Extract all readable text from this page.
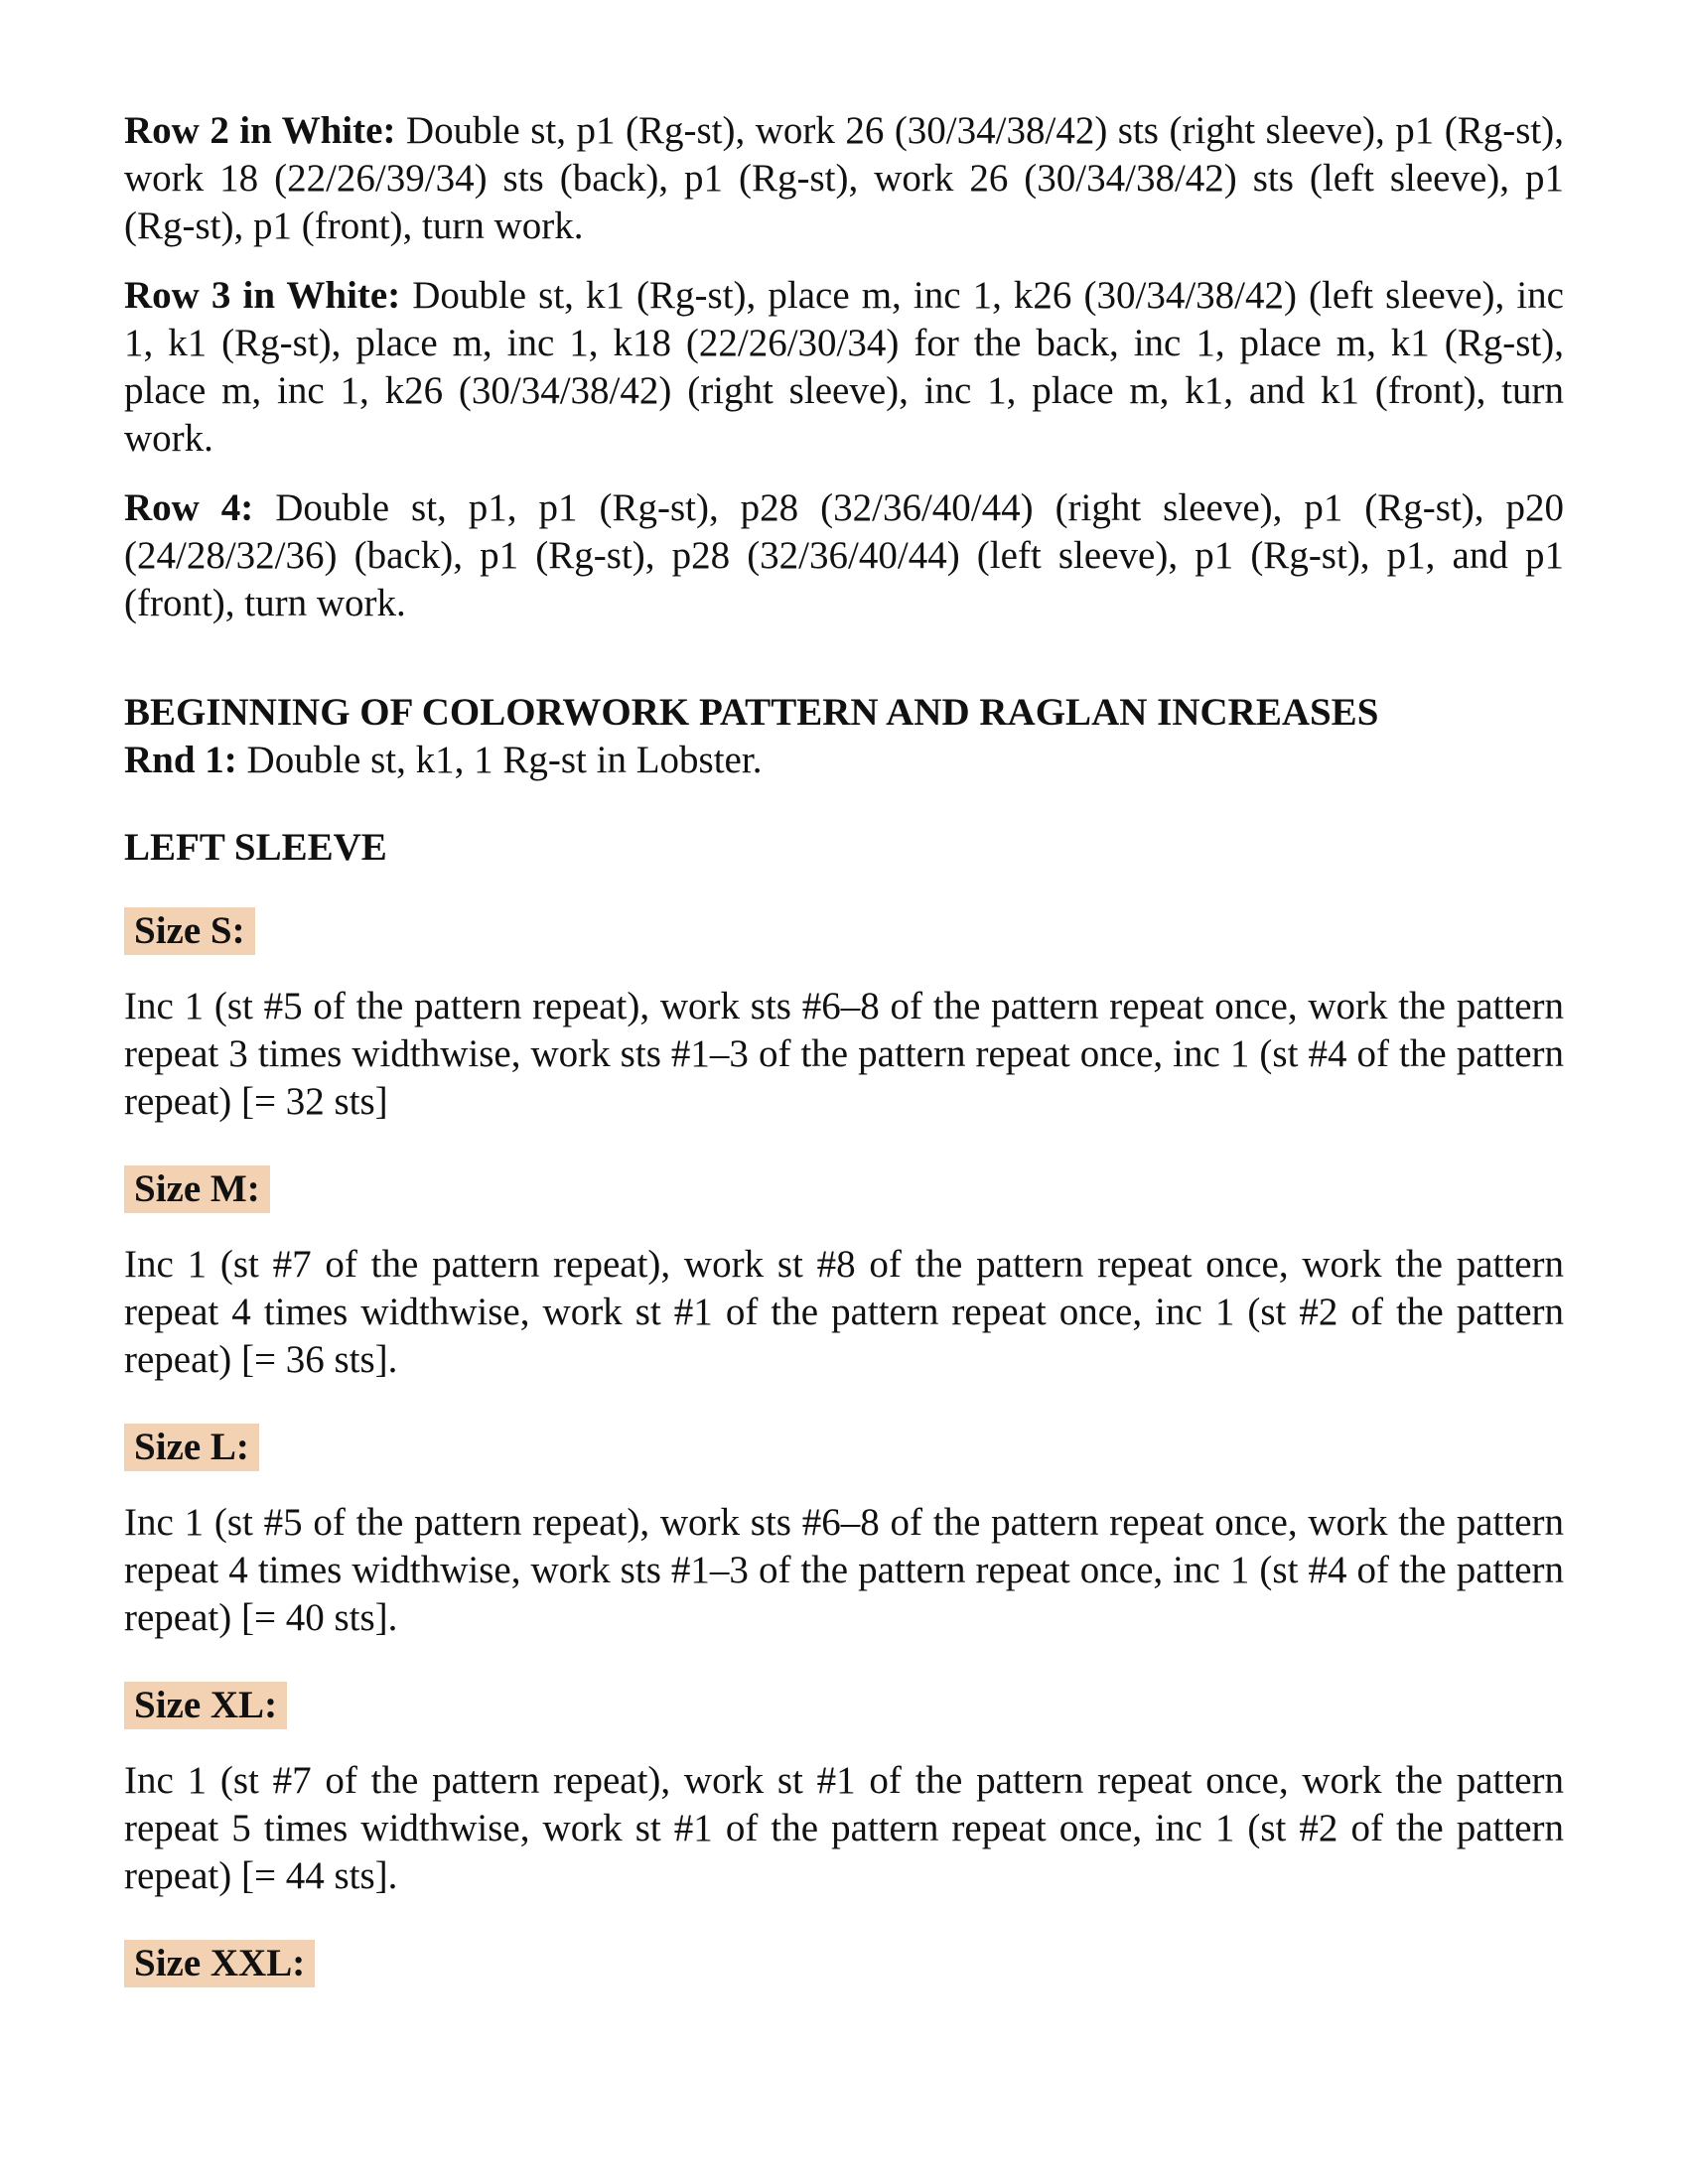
Row 2 in White: Double st, p1 (Rg-st), work 26 (30/34/38/42) sts (right sleeve), p1 (Rg-st), work 18 (22/26/39/34) sts (back), p1 (Rg-st), work 26 (30/34/38/42) sts (left sleeve), p1 (Rg-st), p1 (front), turn work.

Row 3 in White: Double st, k1 (Rg-st), place m, inc 1, k26 (30/34/38/42) (left sleeve), inc 1, k1 (Rg-st), place m, inc 1, k18 (22/26/30/34) for the back, inc 1, place m, k1 (Rg-st), place m, inc 1, k26 (30/34/38/42) (right sleeve), inc 1, place m, k1, and k1 (front), turn work.

Row 4: Double st, p1, p1 (Rg-st), p28 (32/36/40/44) (right sleeve), p1 (Rg-st), p20 (24/28/32/36) (back), p1 (Rg-st), p28 (32/36/40/44) (left sleeve), p1 (Rg-st), p1, and p1 (front), turn work.

BEGINNING OF COLORWORK PATTERN AND RAGLAN INCREASES

Rnd 1: Double st, k1, 1 Rg-st in Lobster.

LEFT SLEEVE

Size S:

Inc 1 (st #5 of the pattern repeat), work sts #6–8 of the pattern repeat once, work the pattern repeat 3 times widthwise, work sts #1–3 of the pattern repeat once, inc 1 (st #4 of the pattern repeat) [= 32 sts]

Size M:

Inc 1 (st #7 of the pattern repeat), work st #8 of the pattern repeat once, work the pattern repeat 4 times widthwise, work st #1 of the pattern repeat once, inc 1 (st #2 of the pattern repeat) [= 36 sts].

Size L:

Inc 1 (st #5 of the pattern repeat), work sts #6–8 of the pattern repeat once, work the pattern repeat 4 times widthwise, work sts #1–3 of the pattern repeat once, inc 1 (st #4 of the pattern repeat) [= 40 sts].

Size XL:

Inc 1 (st #7 of the pattern repeat), work st #1 of the pattern repeat once, work the pattern repeat 5 times widthwise, work st #1 of the pattern repeat once, inc 1 (st #2 of the pattern repeat) [= 44 sts].

Size XXL:
